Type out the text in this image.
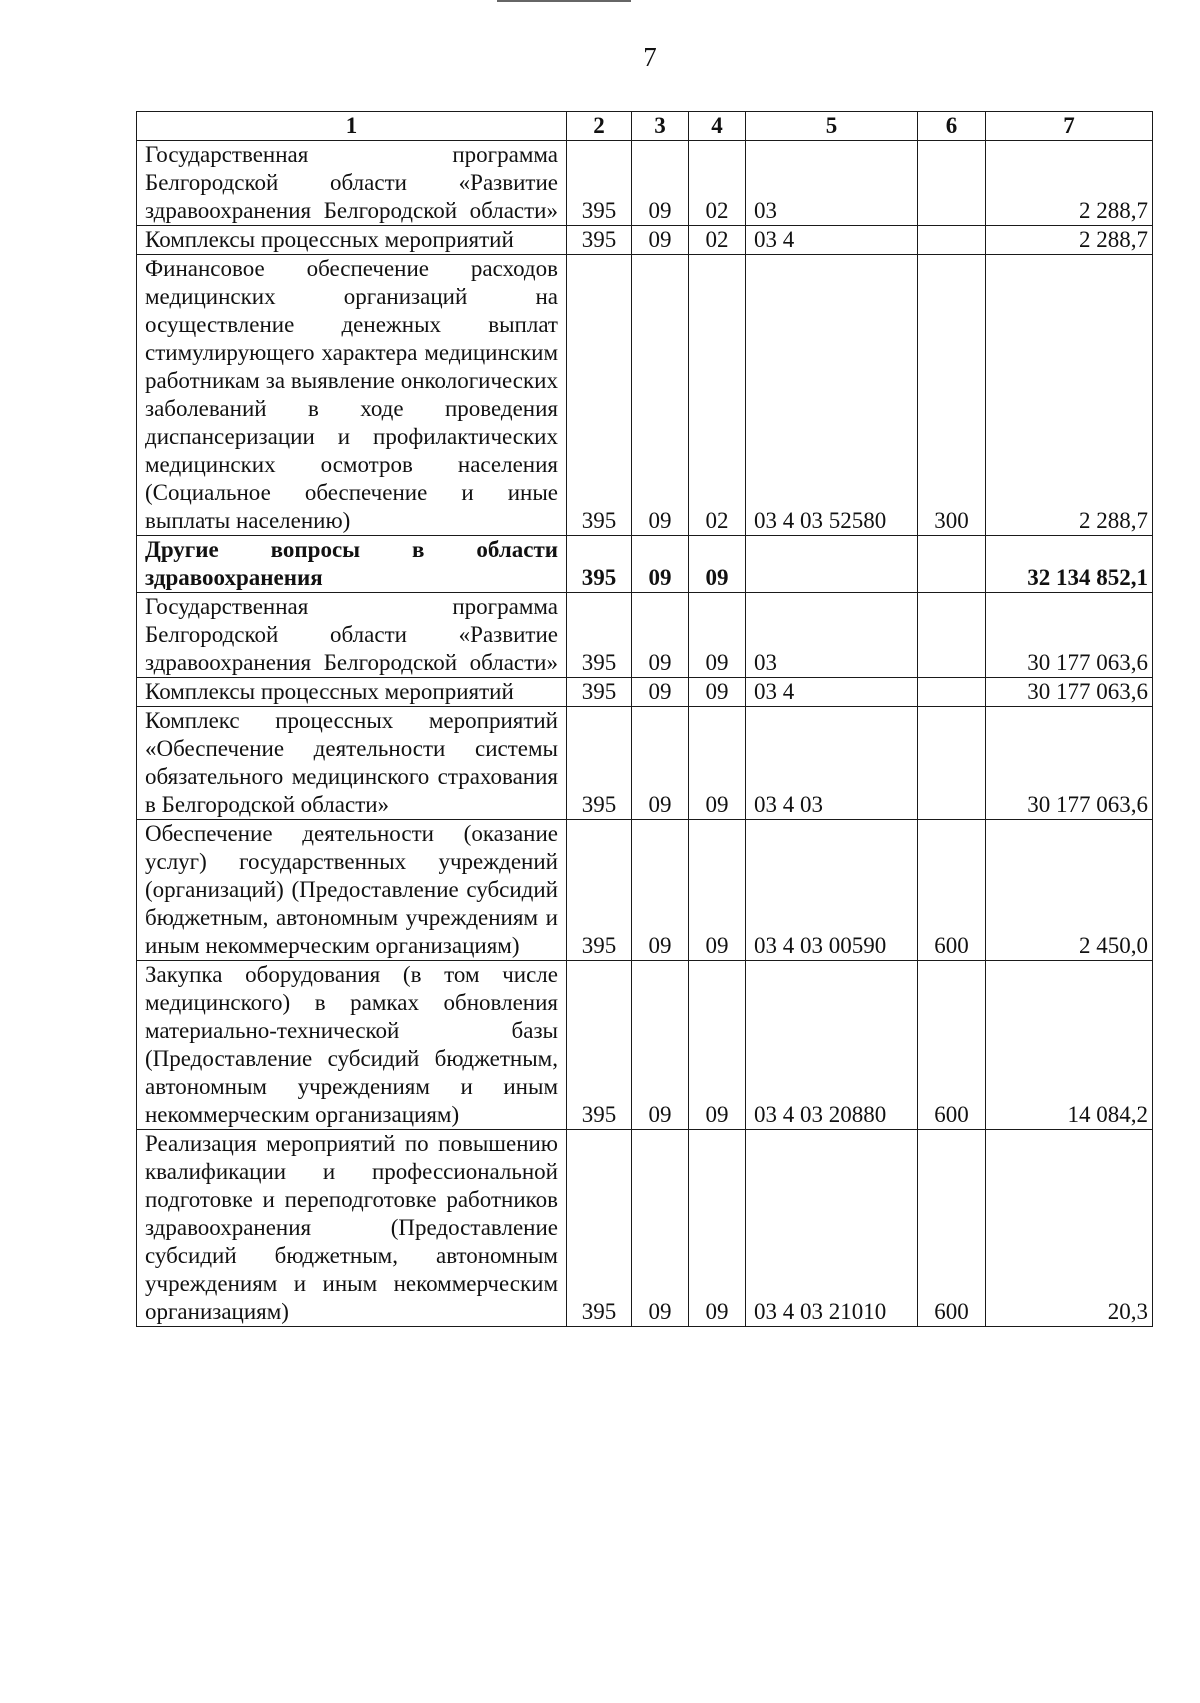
7
1	2	3	4	5	6	7
Государственная программа Белгородской области «Развитие здравоохранения Белгородской области»	395	09	02	03		2 288,7
Комплексы процессных мероприятий	395	09	02	03 4		2 288,7
Финансовое обеспечение расходов медицинских организаций на осуществление денежных выплат стимулирующего характера медицинским работникам за выявление онкологических заболеваний в ходе проведения диспансеризации и профилактических медицинских осмотров населения (Социальное обеспечение и иные выплаты населению)	395	09	02	03 4 03 52580	300	2 288,7
Другие вопросы в области здравоохранения	395	09	09			32 134 852,1
Государственная программа Белгородской области «Развитие здравоохранения Белгородской области»	395	09	09	03		30 177 063,6
Комплексы процессных мероприятий	395	09	09	03 4		30 177 063,6
Комплекс процессных мероприятий «Обеспечение деятельности системы обязательного медицинского страхования в Белгородской области»	395	09	09	03 4 03		30 177 063,6
Обеспечение деятельности (оказание услуг) государственных учреждений (организаций) (Предоставление субсидий бюджетным, автономным учреждениям и иным некоммерческим организациям)	395	09	09	03 4 03 00590	600	2 450,0
Закупка оборудования (в том числе медицинского) в рамках обновления материально-технической базы (Предоставление субсидий бюджетным, автономным учреждениям и иным некоммерческим организациям)	395	09	09	03 4 03 20880	600	14 084,2
Реализация мероприятий по повышению квалификации и профессиональной подготовке и переподготовке работников здравоохранения (Предоставление субсидий бюджетным, автономным учреждениям и иным некоммерческим организациям)	395	09	09	03 4 03 21010	600	20,3
